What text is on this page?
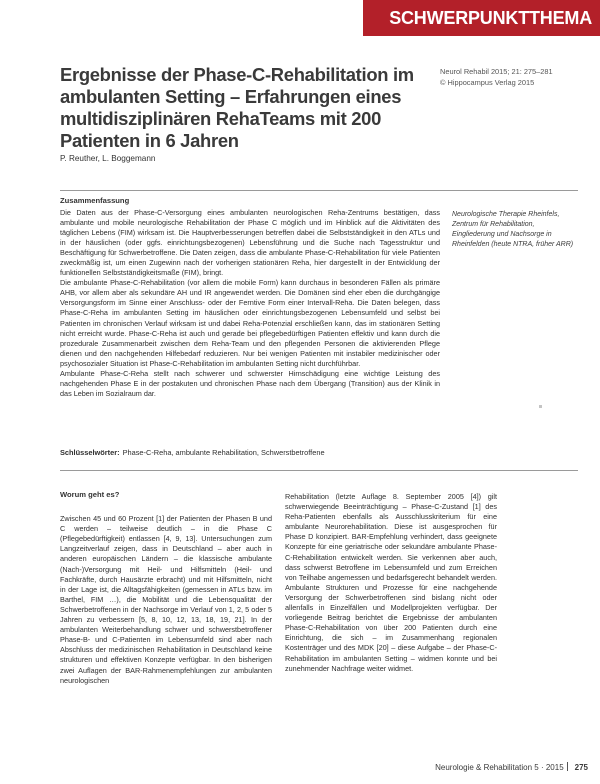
SCHWERPUNKTTHEMA
Ergebnisse der Phase-C-Rehabilitation im ambulanten Setting – Erfahrungen eines multidisziplinären RehaTeams mit 200 Patienten in 6 Jahren
Neurol Rehabil 2015; 21: 275–281
© Hippocampus Verlag 2015
P. Reuther, L. Boggemann
Zusammenfassung

Die Daten aus der Phase-C-Versorgung eines ambulanten neurologischen Reha-Zentrums bestätigen, dass ambulante und mobile neurologische Rehabilitation der Phase C möglich und im Hinblick auf die Aktivitäten des täglichen Lebens (FIM) wirksam ist. Die Hauptverbesserungen betreffen dabei die Selbstständigkeit in den ATLs und in der häuslichen (oder ggfs. einrichtungsbezogenen) Lebensführung und die Suche nach Tagesstruktur und Beschäftigung für Schwerbetroffene. Die Daten zeigen, dass die ambulante Phase-C-Rehabilitation für viele Patienten zweckmäßig ist, um einen Zugewinn nach der vorherigen stationären Reha, hier dargestellt in der Entwicklung der funktionellen Selbstständigkeitsmaße (FIM), bringt.

Die ambulante Phase-C-Rehabilitation (vor allem die mobile Form) kann durchaus in besonderen Fällen als primäre AHB, vor allem aber als sekundäre AH und IR angewendet werden. Die Domänen sind eher eben die durchgängige Versorgungsform im Sinne einer Anschluss- oder der Ferntive Form einer Intervall-Reha. Die Daten belegen, dass Phase-C-Reha im ambulanten Setting im häuslichen oder einrichtungsbezogenen Lebensumfeld und selbst bei Patienten im chronischen Verlauf wirksam ist und dabei Reha-Potenzial erschließen kann, das im stationären Setting nicht erreicht wurde. Phase-C-Reha ist auch und gerade bei pflegebedürftigen Patienten effektiv und kann durch die prozedurale Zusammenarbeit zwischen dem Reha-Team und den pflegenden Personen die aktivierenden Pflege dienen und den nachgehenden Hilfebedarf reduzieren. Nur bei wenigen Patienten mit instabiler medizinischer oder psychosozialer Situation ist Phase-C-Rehabilitation im ambulanten Setting nicht durchführbar.

Ambulante Phase-C-Reha stellt nach schwerer und schwerster Hirnschädigung eine wichtige Leistung des nachgehenden Phase E in der postakuten und chronischen Phase nach dem Übergang (Transition) aus der Klinik in das Leben im Sozialraum dar.

Neurologische Therapie Rheinfels, Zentrum für Rehabilitation, Eingliederung und Nachsorge in Rheinfelden (heute NTRA, früher ARR)
Schlüsselwörter: Phase-C-Reha, ambulante Rehabilitation, Schwerstbetroffene
Worum geht es?

Zwischen 45 und 60 Prozent [1] der Patienten der Phasen B und C werden – teilweise deutlich – in die Phase C (Pflegebedürftigkeit) entlassen [4, 9, 13]. Untersuchungen zum Langzeitverlauf zeigen, dass in Deutschland – aber auch in anderen europäischen Ländern – die klassische ambulante (Nach-)Versorgung mit Heil- und Hilfsmitteln (Heil- und Fachkräfte, durch Hausärzte erbracht) und mit Hilfsmitteln, nicht in der Lage ist, die Alltagsfähigkeiten (gemessen in ATLs bzw. im Barthel, FIM …), die Mobilität und die Lebensqualität der Schwerbetroffenen in der Nachsorge im Verlauf von 1, 2, 5 oder 5 Jahren zu verbessern [5, 8, 10, 12, 13, 18, 19, 21]. In der ambulanten Weiterbehandlung schwer und schwerstbetroffener Phase-B- und C-Patienten im Lebensumfeld sind aber nach Abschluss der medizinischen Rehabilitation in Deutschland keine strukturen und effektiven Konzepte verfügbar. In den bisherigen zwei Auflagen der BAR-Rahmenempfehlungen zur ambulanten neurologischen

Rehabilitation (letzte Auflage 8. September 2005 [4]) gilt schwerwiegende Beeinträchtigung – Phase-C-Zustand [1] des Reha-Patienten ebenfalls als Ausschlusskriterium für eine ambulante Neurorehabilitation. Diese ist ausgesprochen für Phase D konzipiert. BAR-Empfehlung verhindert, dass geeignete Konzepte für eine geriatrische oder sekundäre ambulante Phase-C-Rehabilitation entwickelt werden. Sie verkennen aber auch, dass schwerst Betroffene im Lebensumfeld und zum Erreichen von Teilhabe angemessen und bedarfsgerecht behandelt werden. Ambulante Strukturen und Prozesse für eine nachgehende Versorgung der Schwerbetroffenen sind bislang nicht oder allenfalls in Einzelfällen und Modellprojekten verfügbar. Der vorliegende Beitrag berichtet die Ergebnisse der ambulanten Phase-C-Rehabilitation von über 200 Patienten durch eine Einrichtung, die sich – im Zusammenhang regionalen Kostenträger und des MDK [20] – diese Aufgabe – der Phase-C-Rehabilitation im ambulanten Setting – widmen konnte und bei zunehmender Nachfrage weiter widmet.

Neurologie & Rehabilitation 5 · 2015 275
